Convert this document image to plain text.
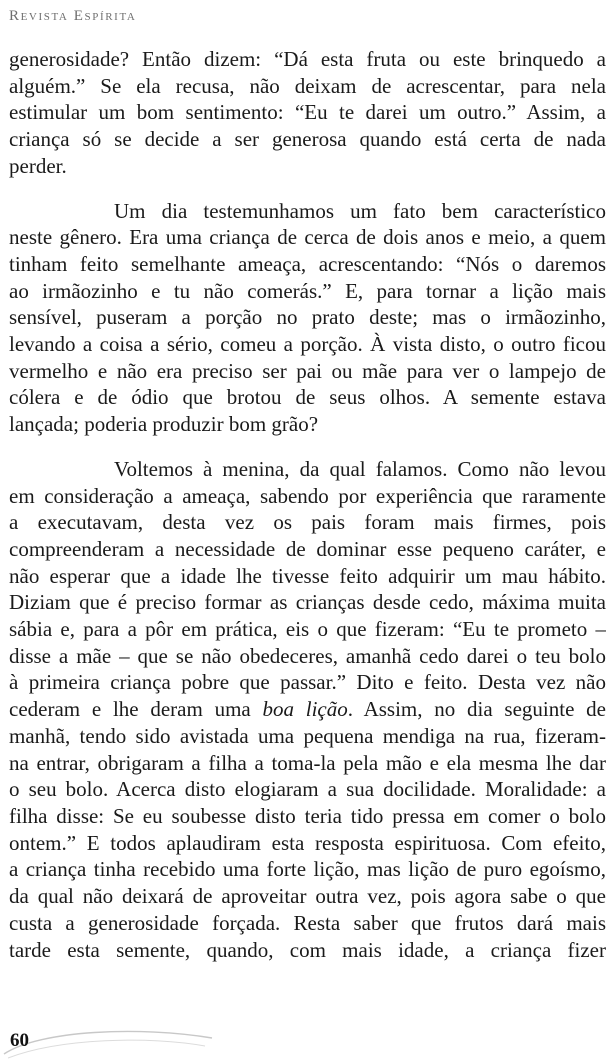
Revista Espírita
generosidade? Então dizem: “Dá esta fruta ou este brinquedo a
alguém.” Se ela recusa, não deixam de acrescentar, para nela
estimular um bom sentimento: “Eu te darei um outro.” Assim, a
criança só se decide a ser generosa quando está certa de nada
perder.
Um dia testemunhamos um fato bem característico
neste gênero. Era uma criança de cerca de dois anos e meio, a quem
tinham feito semelhante ameaça, acrescentando: “Nós o daremos
ao irmãozinho e tu não comerás.” E, para tornar a lição mais
sensível, puseram a porção no prato deste; mas o irmãozinho,
levando a coisa a sério, comeu a porção. À vista disto, o outro ficou
vermelho e não era preciso ser pai ou mãe para ver o lampejo de
cólera e de ódio que brotou de seus olhos. A semente estava
lançada; poderia produzir bom grão?
Voltemos à menina, da qual falamos. Como não levou
em consideração a ameaça, sabendo por experiência que raramente
a executavam, desta vez os pais foram mais firmes, pois
compreenderam a necessidade de dominar esse pequeno caráter, e
não esperar que a idade lhe tivesse feito adquirir um mau hábito.
Diziam que é preciso formar as crianças desde cedo, máxima muita
sábia e, para a pôr em prática, eis o que fizeram: “Eu te prometo –
disse a mãe – que se não obedeceres, amanhã cedo darei o teu bolo
à primeira criança pobre que passar.” Dito e feito. Desta vez não
cederam e lhe deram uma boa lição. Assim, no dia seguinte de
manhã, tendo sido avistada uma pequena mendiga na rua, fizeram-
na entrar, obrigaram a filha a toma-la pela mão e ela mesma lhe dar
o seu bolo. Acerca disto elogiaram a sua docilidade. Moralidade: a
filha disse: Se eu soubesse disto teria tido pressa em comer o bolo
ontem.” E todos aplaudiram esta resposta espirituosa. Com efeito,
a criança tinha recebido uma forte lição, mas lição de puro egoísmo,
da qual não deixará de aproveitar outra vez, pois agora sabe o que
custa a generosidade forçada. Resta saber que frutos dará mais
tarde esta semente, quando, com mais idade, a criança fizer
60
